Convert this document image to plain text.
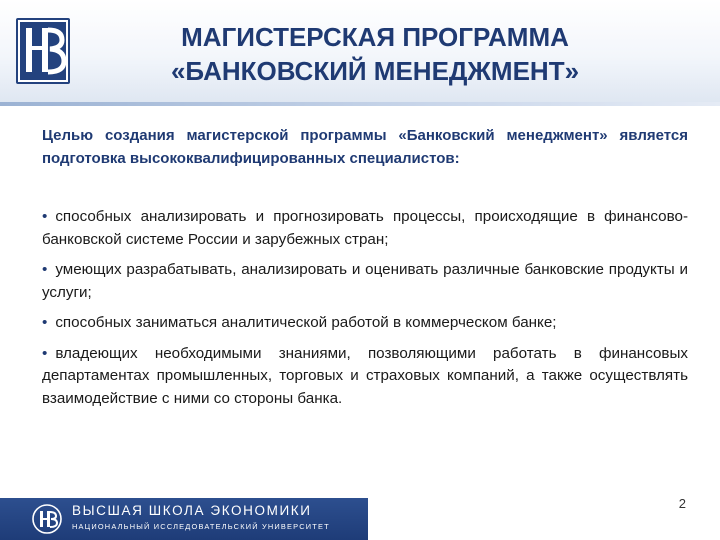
МАГИСТЕРСКАЯ ПРОГРАММА
«БАНКОВСКИЙ МЕНЕДЖМЕНТ»
Целью создания магистерской программы «Банковский менеджмент» является подготовка высококвалифицированных специалистов:
• способных анализировать и прогнозировать процессы, происходящие в финансово-банковской системе России и зарубежных стран;
• умеющих разрабатывать, анализировать и оценивать различные банковские продукты и услуги;
• способных заниматься аналитической работой в коммерческом банке;
• владеющих необходимыми знаниями, позволяющими работать в финансовых департаментах промышленных, торговых и страховых компаний, а также осуществлять взаимодействие с ними со стороны банка.
ВЫСШАЯ ШКОЛА ЭКОНОМИКИ
НАЦИОНАЛЬНЫЙ ИССЛЕДОВАТЕЛЬСКИЙ УНИВЕРСИТЕТ
2
